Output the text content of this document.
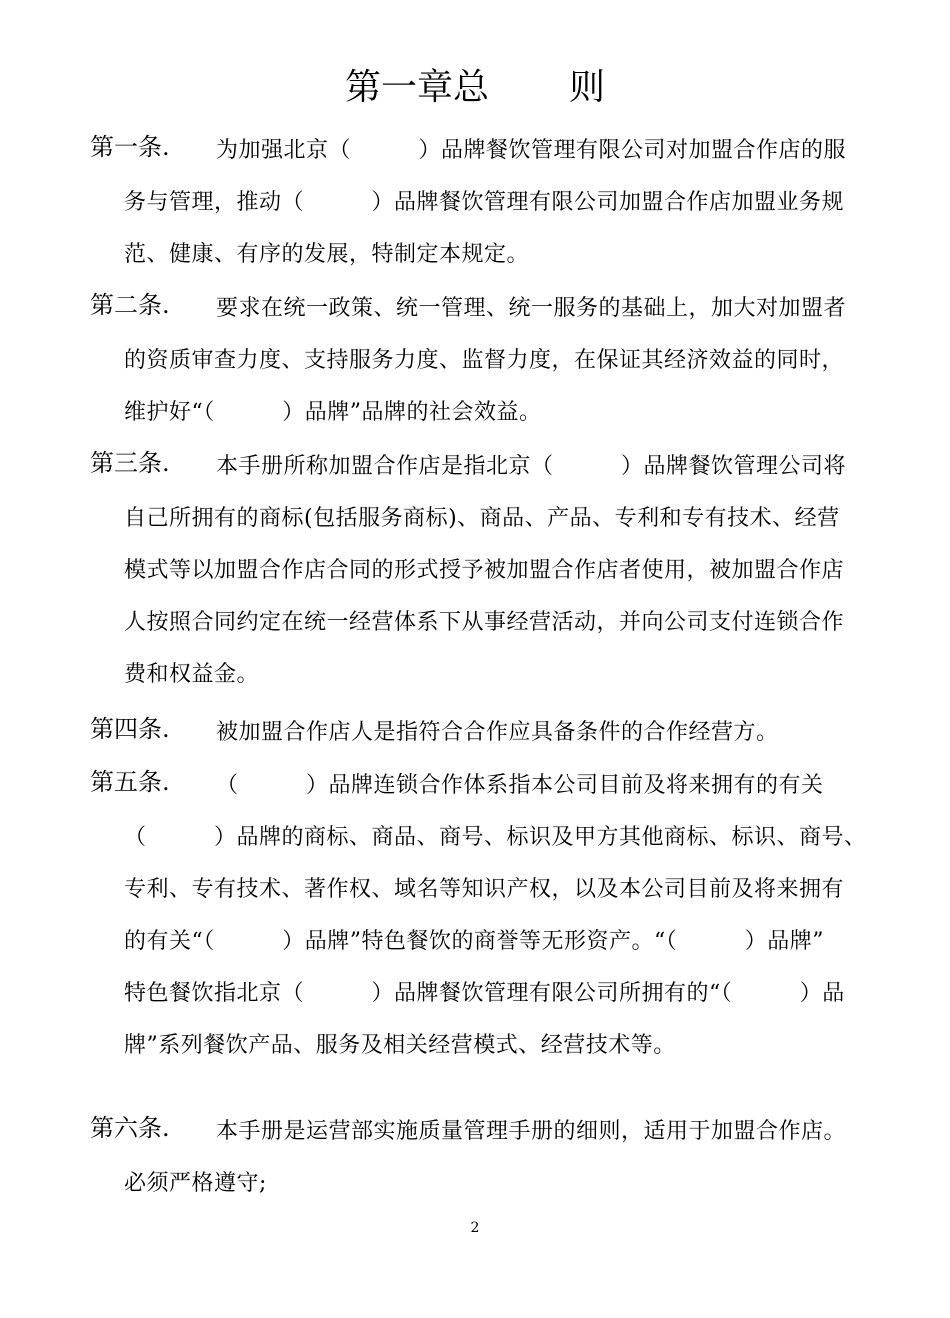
第一章总 则
第一条. 为加强北京（　　　）品牌餐饮管理有限公司对加盟合作店的服
务与管理，推动（　　　）品牌餐饮管理有限公司加盟合作店加盟业务规
范、健康、有序的发展，特制定本规定。
第二条. 要求在统一政策、统一管理、统一服务的基础上，加大对加盟者
的资质审查力度、支持服务力度、监督力度，在保证其经济效益的同时，
维护好“（　　　）品牌”品牌的社会效益。
第三条. 本手册所称加盟合作店是指北京（　　　）品牌餐饮管理公司将
自己所拥有的商标(包括服务商标)、商品、产品、专利和专有技术、经营
模式等以加盟合作店合同的形式授予被加盟合作店者使用，被加盟合作店
人按照合同约定在统一经营体系下从事经营活动，并向公司支付连锁合作
费和权益金。
第四条. 被加盟合作店人是指符合合作应具备条件的合作经营方。
第五条. （　　　）品牌连锁合作体系指本公司目前及将来拥有的有关
（　　　）品牌的商标、商品、商号、标识及甲方其他商标、标识、商号、
专利、专有技术、著作权、域名等知识产权，以及本公司目前及将来拥有
的有关“（　　　）品牌”特色餐饮的商誉等无形资产。“（　　　）品牌”
特色餐饮指北京（　　　）品牌餐饮管理有限公司所拥有的“（　　　）品
牌”系列餐饮产品、服务及相关经营模式、经营技术等。
第六条. 本手册是运营部实施质量管理手册的细则，适用于加盟合作店。
必须严格遵守;
2
